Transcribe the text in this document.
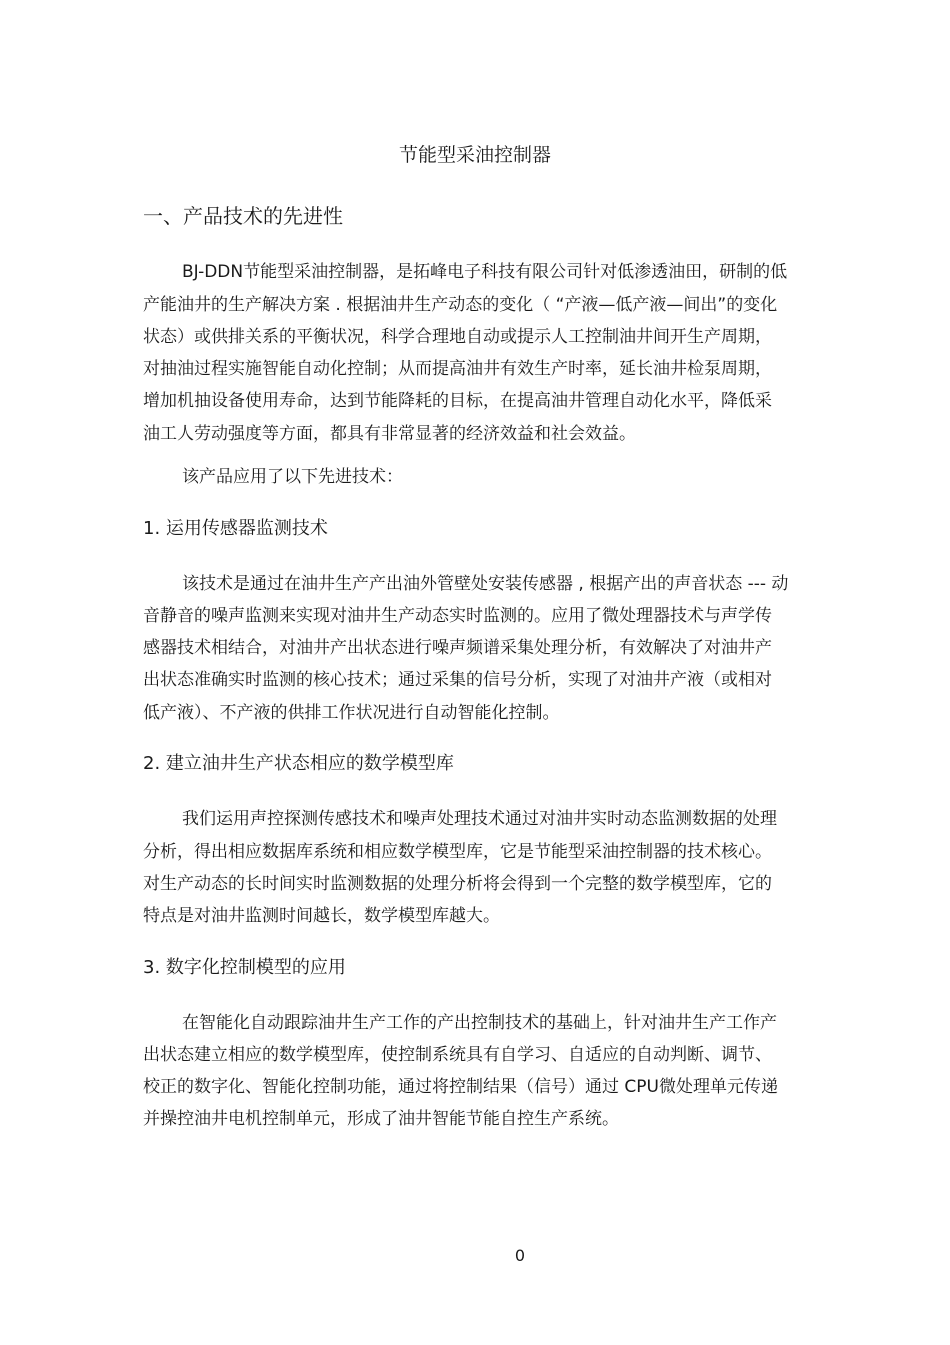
节能型采油控制器
一、产品技术的先进性
BJ-DDN节能型采油控制器，是拓峰电子科技有限公司针对低渗透油田，研制的低
产能油井的生产解决方案 . 根据油井生产动态的变化（ “产液—低产液—间出”的变化
状态）或供排关系的平衡状况，科学合理地自动或提示人工控制油井间开生产周期，
对抽油过程实施智能自动化控制；从而提高油井有效生产时率，延长油井检泵周期，
增加机抽设备使用寿命，达到节能降耗的目标，在提高油井管理自动化水平，降低采
油工人劳动强度等方面，都具有非常显著的经济效益和社会效益。
该产品应用了以下先进技术：
1. 运用传感器监测技术
该技术是通过在油井生产产出油外管壁处安装传感器 , 根据产出的声音状态 --- 动
音静音的噪声监测来实现对油井生产动态实时监测的。应用了微处理器技术与声学传
感器技术相结合，对油井产出状态进行噪声频谱采集处理分析，有效解决了对油井产
出状态准确实时监测的核心技术；通过采集的信号分析，实现了对油井产液（或相对
低产液）、不产液的供排工作状况进行自动智能化控制。
2. 建立油井生产状态相应的数学模型库
我们运用声控探测传感技术和噪声处理技术通过对油井实时动态监测数据的处理
分析，得出相应数据库系统和相应数学模型库，它是节能型采油控制器的技术核心。
对生产动态的长时间实时监测数据的处理分析将会得到一个完整的数学模型库，它的
特点是对油井监测时间越长，数学模型库越大。
3. 数字化控制模型的应用
在智能化自动跟踪油井生产工作的产出控制技术的基础上，针对油井生产工作产
出状态建立相应的数学模型库，使控制系统具有自学习、自适应的自动判断、调节、
校正的数字化、智能化控制功能，通过将控制结果（信号）通过 CPU微处理单元传递
并操控油井电机控制单元，形成了油井智能节能自控生产系统。
0
